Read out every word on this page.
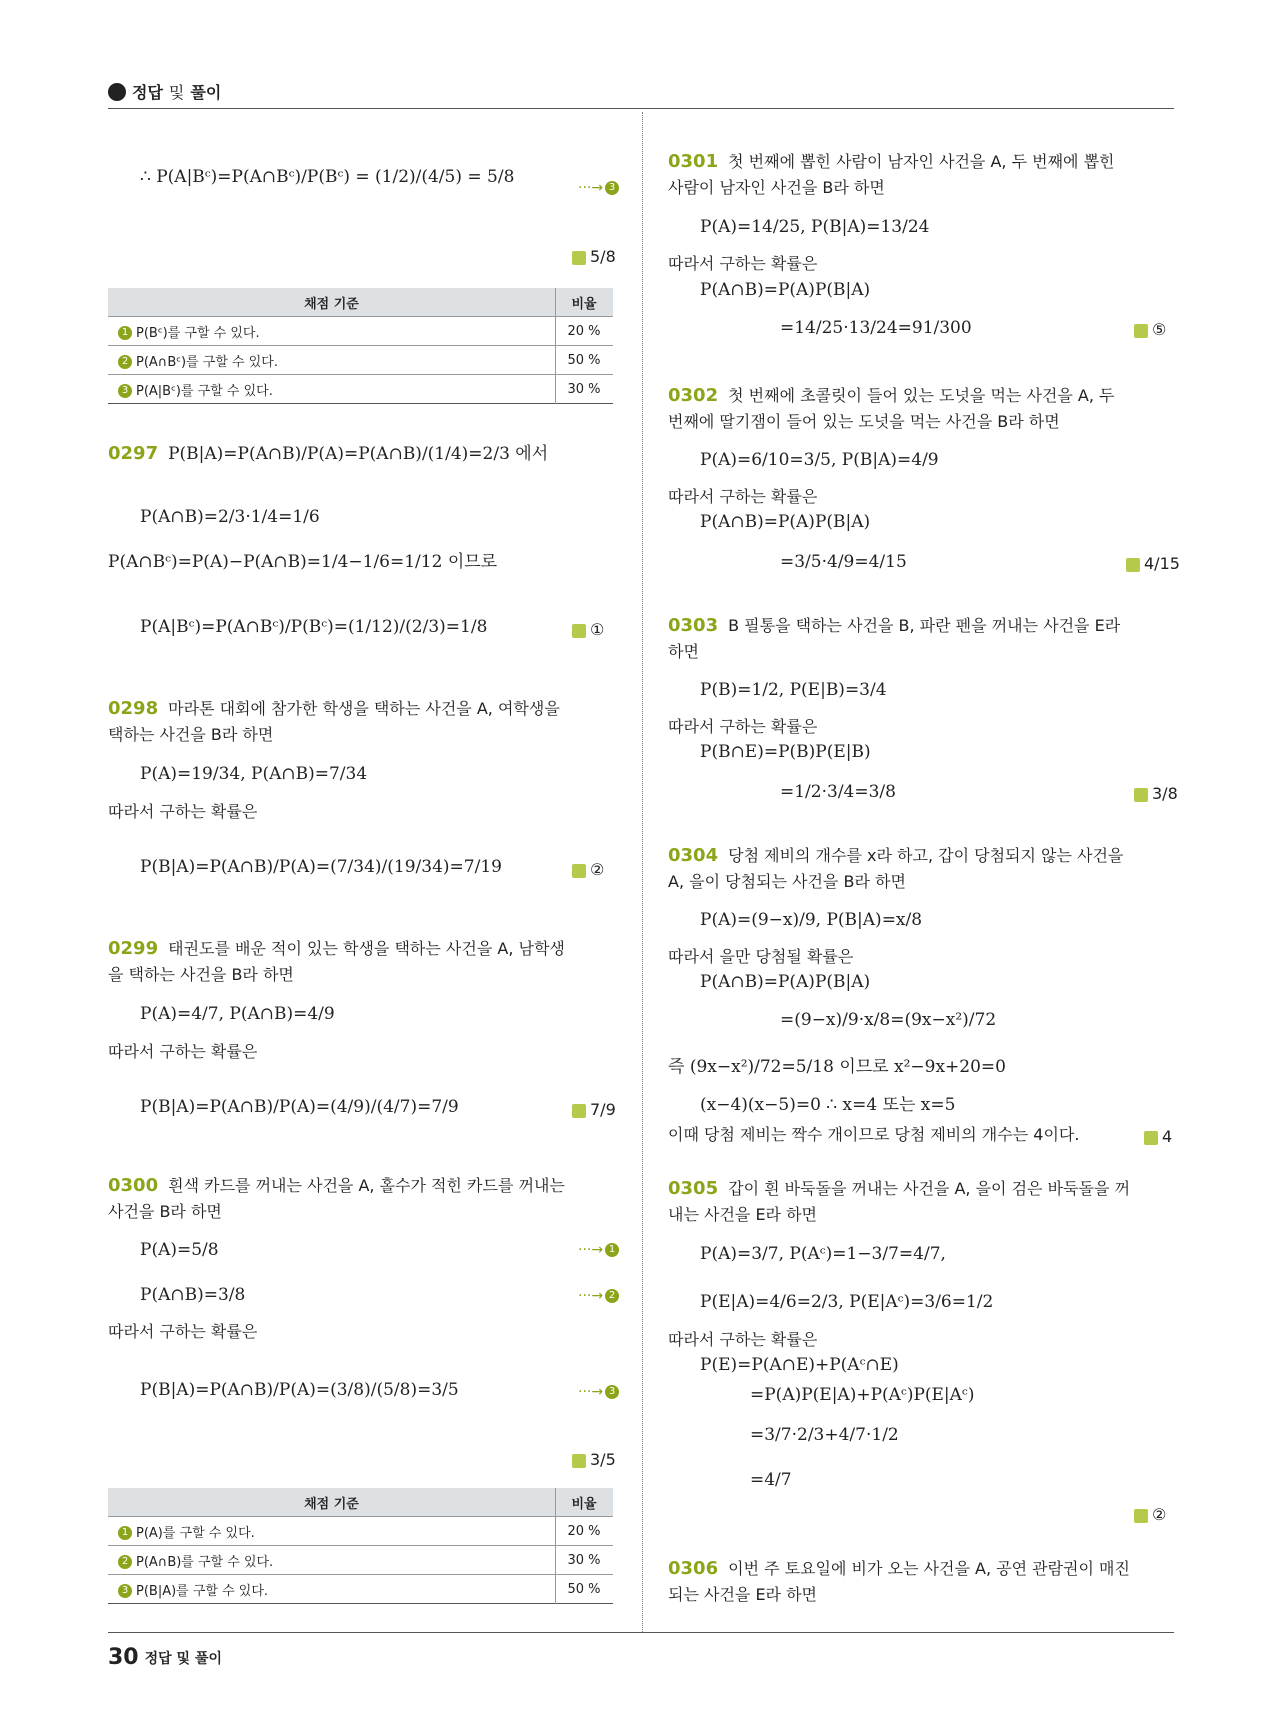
정답 및 풀이
∴ P(A|Bᶜ)=P(A∩Bᶜ)/P(Bᶜ) = (1/2)/(4/5) = 5/8
···→ 3
5/8
채점 기준	비율
1 P(Bᶜ)를 구할 수 있다.	20 %
2 P(A∩Bᶜ)를 구할 수 있다.	50 %
3 P(A|Bᶜ)를 구할 수 있다.	30 %
0297 P(B|A)=P(A∩B)/P(A)=P(A∩B)/(1/4)=2/3 에서
P(A∩B)=2/3·1/4=1/6
P(A∩Bᶜ)=P(A)−P(A∩B)=1/4−1/6=1/12 이므로
P(A|Bᶜ)=P(A∩Bᶜ)/P(Bᶜ)=(1/12)/(2/3)=1/8	①
0298 마라톤 대회에 참가한 학생을 택하는 사건을 A, 여학생을
택하는 사건을 B라 하면
P(A)=19/34, P(A∩B)=7/34
따라서 구하는 확률은
P(B|A)=P(A∩B)/P(A)=(7/34)/(19/34)=7/19	②
0299 태권도를 배운 적이 있는 학생을 택하는 사건을 A, 남학생
을 택하는 사건을 B라 하면
P(A)=4/7, P(A∩B)=4/9
따라서 구하는 확률은
P(B|A)=P(A∩B)/P(A)=(4/9)/(4/7)=7/9	7/9
0300 흰색 카드를 꺼내는 사건을 A, 홀수가 적힌 카드를 꺼내는
사건을 B라 하면
P(A)=5/8	···→ 1
P(A∩B)=3/8	···→ 2
따라서 구하는 확률은
P(B|A)=P(A∩B)/P(A)=(3/8)/(5/8)=3/5	···→ 3
3/5
채점 기준	비율
1 P(A)를 구할 수 있다.	20 %
2 P(A∩B)를 구할 수 있다.	30 %
3 P(B|A)를 구할 수 있다.	50 %
0301 첫 번째에 뽑힌 사람이 남자인 사건을 A, 두 번째에 뽑힌
사람이 남자인 사건을 B라 하면
P(A)=14/25, P(B|A)=13/24
따라서 구하는 확률은
P(A∩B)=P(A)P(B|A)
=14/25·13/24=91/300	⑤
0302 첫 번째에 초콜릿이 들어 있는 도넛을 먹는 사건을 A, 두
번째에 딸기잼이 들어 있는 도넛을 먹는 사건을 B라 하면
P(A)=6/10=3/5, P(B|A)=4/9
따라서 구하는 확률은
P(A∩B)=P(A)P(B|A)
=3/5·4/9=4/15	4/15
0303 B 필통을 택하는 사건을 B, 파란 펜을 꺼내는 사건을 E라
하면
P(B)=1/2, P(E|B)=3/4
따라서 구하는 확률은
P(B∩E)=P(B)P(E|B)
=1/2·3/4=3/8	3/8
0304 당첨 제비의 개수를 x라 하고, 갑이 당첨되지 않는 사건을
A, 을이 당첨되는 사건을 B라 하면
P(A)=(9−x)/9, P(B|A)=x/8
따라서 을만 당첨될 확률은
P(A∩B)=P(A)P(B|A)
=(9−x)/9·x/8=(9x−x²)/72
즉 (9x−x²)/72=5/18 이므로 x²−9x+20=0
(x−4)(x−5)=0 ∴ x=4 또는 x=5
이때 당첨 제비는 짝수 개이므로 당첨 제비의 개수는 4이다.	4
0305 갑이 흰 바둑돌을 꺼내는 사건을 A, 을이 검은 바둑돌을 꺼
내는 사건을 E라 하면
P(A)=3/7, P(Aᶜ)=1−3/7=4/7,
P(E|A)=4/6=2/3, P(E|Aᶜ)=3/6=1/2
따라서 구하는 확률은
P(E)=P(A∩E)+P(Aᶜ∩E)
=P(A)P(E|A)+P(Aᶜ)P(E|Aᶜ)
=3/7·2/3+4/7·1/2
=4/7
②
0306 이번 주 토요일에 비가 오는 사건을 A, 공연 관람권이 매진
되는 사건을 E라 하면
30 정답 및 풀이
